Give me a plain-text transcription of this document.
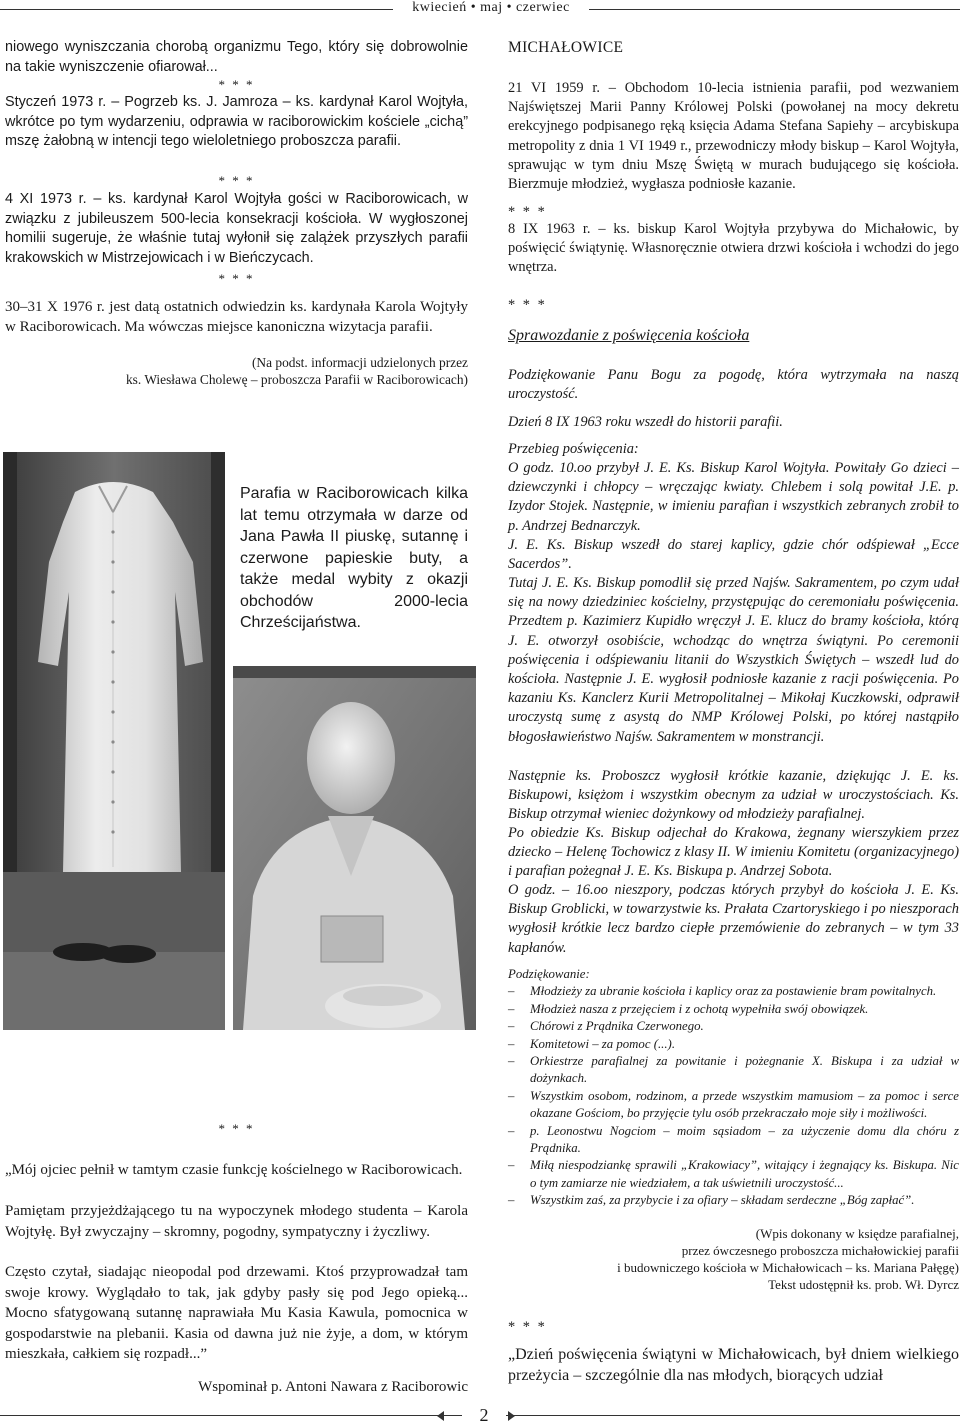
kwiecień • maj • czerwiec

niowego wyniszczania chorobą organizmu Tego, który się dobrowolnie na takie wyniszczenie ofiarował...

* * *

Styczeń 1973 r. – Pogrzeb ks. J. Jamroza – ks. kardynał Karol Wojtyła, wkrótce po tym wydarzeniu, odprawia w raciborowickim kościele „cichą” mszę żałobną w intencji tego wieloletniego proboszcza parafii.

* * *

4 XI 1973 r. – ks. kardynał Karol Wojtyła gości w Raciborowicach, w związku z jubileuszem 500-lecia konsekracji kościoła. W wygłoszonej homilii sugeruje, że właśnie tutaj wyłonił się zalążek przyszłych parafii krakowskich w Mistrzejowicach i w Bieńczycach.

* * *

30–31 X 1976 r. jest datą ostatnich odwiedzin ks. kardynała Karola Wojtyły w Raciborowicach. Ma wówczas miejsce kanoniczna wizytacja parafii.

(Na podst. informacji udzielonych przez

ks. Wiesława Cholewę – proboszcza Parafii w Raciborowicach)

Parafia w Raciborowicach kilka lat temu otrzymała w darze od Jana Pawła II piuskę, sutannę i czerwone papieskie buty, a także medal wybity z okazji obchodów 2000-lecia Chrześcijaństwa.

* * *

„Mój ojciec pełnił w tamtym czasie funkcję kościelnego w Raciborowicach.

Pamiętam przyjeżdżającego tu na wypoczynek młodego studenta – Karola Wojtyłę. Był zwyczajny – skromny, pogodny, sympatyczny i życzliwy.

Często czytał, siadając nieopodal pod drzewami. Ktoś przyprowadzał tam swoje krowy. Wyglądało to tak, jak gdyby pasły się pod Jego opieką... Mocno sfatygowaną sutannę naprawiała Mu Kasia Kawula, pomocnica w gospodarstwie na plebanii. Kasia od dawna już nie żyje, a dom, w którym mieszkała, całkiem się rozpadł...”

Wspominał p. Antoni Nawara z Raciborowic

MICHAŁOWICE

21 VI 1959 r. – Obchodom 10-lecia istnienia parafii, pod wezwaniem Najświętszej Marii Panny Królowej Polski (powołanej na mocy dekretu erekcyjnego podpisanego ręką księcia Adama Stefana Sapiehy – arcybiskupa metropolity z dnia 1 VI 1949 r., przewodniczy młody biskup – Karol Wojtyła, sprawując w tym dniu Mszę Świętą w murach budującego się kościoła. Bierzmuje młodzież, wygłasza podniosłe kazanie.

* * *

8 IX 1963 r. – ks. biskup Karol Wojtyła przybywa do Michałowic, by poświęcić świątynię. Własnoręcznie otwiera drzwi kościoła i wchodzi do jego wnętrza.

* * *

Sprawozdanie z poświęcenia kościoła

Podziękowanie Panu Bogu za pogodę, która wytrzymała na naszą uroczystość.

Dzień 8 IX 1963 roku wszedł do historii parafii.

Przebieg poświęcenia:

O godz. 10.oo przybył J. E. Ks. Biskup Karol Wojtyła. Powitały Go dzieci – dziewczynki i chłopcy – wręczając kwiaty. Chlebem i solą powitał J.E. p. Izydor Stojek. Następnie, w imieniu parafian i wszystkich zebranych zrobił to p. Andrzej Bednarczyk.

J. E. Ks. Biskup wszedł do starej kaplicy, gdzie chór odśpiewał „Ecce Sacerdos”.

Tutaj J. E. Ks. Biskup pomodlił się przed Najśw. Sakramentem, po czym udał się na nowy dziedziniec kościelny, przystępując do ceremoniału poświęcenia. Przedtem p. Kazimierz Kupidło wręczył J. E. klucz do bramy kościoła, którą J. E. otworzył osobiście, wchodząc do wnętrza świątyni. Po ceremonii poświęcenia i odśpiewaniu litanii do Wszystkich Świętych – wszedł lud do kościoła. Następnie J. E. wygłosił podniosłe kazanie z racji poświęcenia. Po kazaniu Ks. Kanclerz Kurii Metropolitalnej – Mikołaj Kuczkowski, odprawił uroczystą sumę z asystą do NMP Królowej Polski, po której nastąpiło błogosławieństwo Najśw. Sakramentem w monstrancji.

Następnie ks. Proboszcz wygłosił krótkie kazanie, dziękując J. E. ks. Biskupowi, księżom i wszystkim obecnym za udział w uroczystościach. Ks. Biskup otrzymał wieniec dożynkowy od młodzieży parafialnej.

Po obiedzie Ks. Biskup odjechał do Krakowa, żegnany wierszykiem przez dziecko – Helenę Tochowicz z klasy II. W imieniu Komitetu (organizacyjnego) i parafian pożegnał J. E. Ks. Biskupa p. Andrzej Sobota.

O godz. – 16.oo nieszpory, podczas których przybył do kościoła J. E. Ks. Biskup Groblicki, w towarzystwie ks. Prałata Czartoryskiego i po nieszporach wygłosił krótkie lecz bardzo ciepłe przemówienie do zebranych – w tym 33 kapłanów.

Podziękowanie:

– Młodzieży za ubranie kościoła i kaplicy oraz za postawienie bram powitalnych.
– Młodzież nasza z przejęciem i z ochotą wypełniła swój obowiązek.
– Chórowi z Prądnika Czerwonego.
– Komitetowi – za pomoc (...).
– Orkiestrze parafialnej za powitanie i pożegnanie X. Biskupa i za udział w dożynkach.
– Wszystkim osobom, rodzinom, a przede wszystkim mamusiom – za pomoc i serce okazane Gościom, bo przyjęcie tylu osób przekraczało moje siły i możliwości.
– p. Leonostwu Nogciom – moim sąsiadom – za użyczenie domu dla chóru z Prądnika.
– Miłą niespodziankę sprawili „Krakowiacy”, witający i żegnający ks. Biskupa. Nic o tym zamiarze nie wiedziałem, a tak uświetnili uroczystość...
– Wszystkim zaś, za przybycie i za ofiary – składam serdeczne „Bóg zapłać”.

(Wpis dokonany w księdze parafialnej,

przez ówczesnego proboszcza michałowickiej parafii

i budowniczego kościoła w Michałowicach – ks. Mariana Pałęgę)

Tekst udostępnił ks. prob. Wł. Dyrcz

* * *

„Dzień poświęcenia świątyni w Michałowicach, był dniem wielkiego przeżycia – szczególnie dla nas młodych, biorących udział

2
